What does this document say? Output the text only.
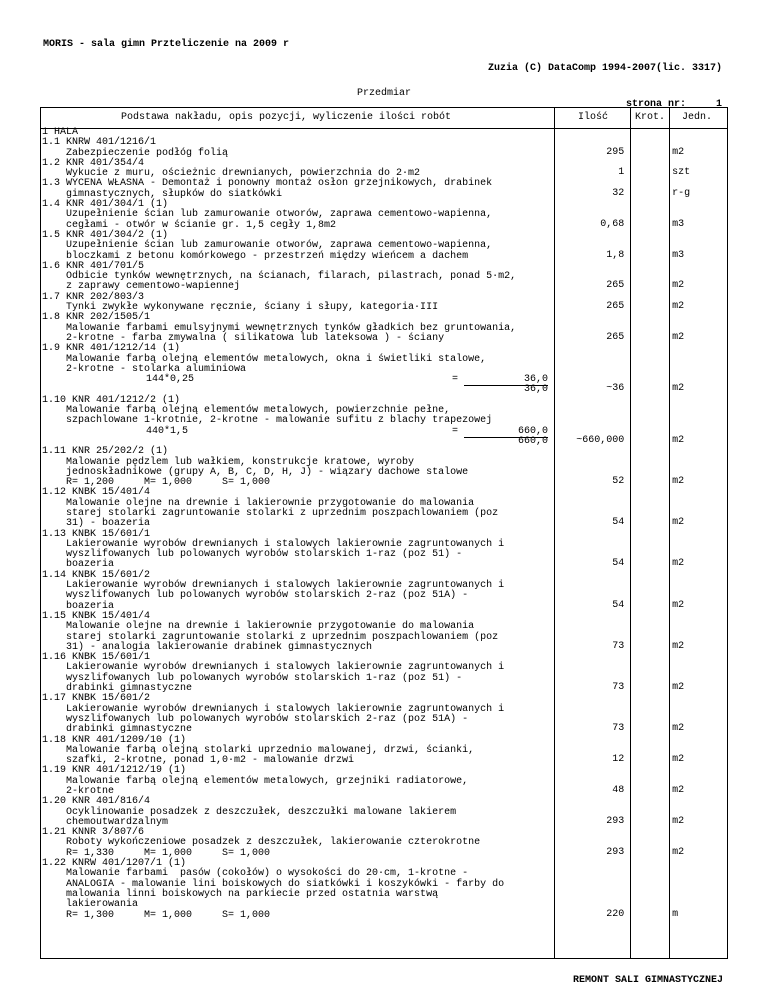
MORIS - sala gimn Przteliczenie na 2009 r

Zuzia (C) DataComp 1994-2007(lic. 3317)

strona nr:     1

Przedmiar
Podstawa nakładu, opis pozycji, wyliczenie ilości robót	Ilość	Krot. Jedn.
1 HALA
1.1 KNRW 401/1216/1
Zabezpieczenie podłóg folią	295	m2
1.2 KNR 401/354/4
Wykucie z muru, ościeżnic drewnianych, powierzchnia do 2·m2	1	szt
1.3 WYCENA WŁASNA - Demontaż i ponowny montaż osłon grzejnikowych, drabinek
gimnastycznych, słupków do siatkówki	32	r-g
1.4 KNR 401/304/1 (1)
Uzupełnienie ścian lub zamurowanie otworów, zaprawa cementowo-wapienna,
cegłami - otwór w ścianie gr. 1,5 cegły 1,8m2	0,68	m3
1.5 KNR 401/304/2 (1)
Uzupełnienie ścian lub zamurowanie otworów, zaprawa cementowo-wapienna,
bloczkami z betonu komórkowego - przestrzeń między wieńcem a dachem	1,8	m3
1.6 KNR 401/701/5
Odbicie tynków wewnętrznych, na ścianach, filarach, pilastrach, ponad 5·m2,
z zaprawy cementowo-wapiennej	265	m2
1.7 KNR 202/803/3
Tynki zwykłe wykonywane ręcznie, ściany i słupy, kategoria·III	265	m2
1.8 KNR 202/1505/1
Malowanie farbami emulsyjnymi wewnętrznych tynków gładkich bez gruntowania,
2-krotne - farba zmywalna ( silikatowa lub lateksowa ) - ściany	265	m2
1.9 KNR 401/1212/14 (1)
Malowanie farbą olejną elementów metalowych, okna i świetliki stalowe,
2-krotne - stolarka aluminiowa
144*0,25	=	36,0
36,0	~36	m2
1.10 KNR 401/1212/2 (1)
Malowanie farbą olejną elementów metalowych, powierzchnie pełne,
szpachlowane 1-krotnie, 2-krotne - malowanie sufitu z blachy trapezowej
440*1,5	=	660,0
660,0	~660,000	m2
1.11 KNR 25/202/2 (1)
Malowanie pędzlem lub wałkiem, konstrukcje kratowe, wyroby
jednoskładnikowe (grupy A, B, C, D, H, J) - wiązary dachowe stalowe
R= 1,200     M= 1,000     S= 1,000	52	m2
1.12 KNBK 15/401/4
Malowanie olejne na drewnie i lakierownie przygotowanie do malowania
starej stolarki zagruntowanie stolarki z uprzednim poszpachlowaniem (poz
31) - boazeria	54	m2
1.13 KNBK 15/601/1
Lakierowanie wyrobów drewnianych i stalowych lakierownie zagruntowanych i
wyszlifowanych lub polowanych wyrobów stolarskich 1-raz (poz 51) -
boazeria	54	m2
1.14 KNBK 15/601/2
Lakierowanie wyrobów drewnianych i stalowych lakierownie zagruntowanych i
wyszlifowanych lub polowanych wyrobów stolarskich 2-raz (poz 51A) -
boazeria	54	m2
1.15 KNBK 15/401/4
Malowanie olejne na drewnie i lakierownie przygotowanie do malowania
starej stolarki zagruntowanie stolarki z uprzednim poszpachlowaniem (poz
31) - analogia lakierowanie drabinek gimnastycznych	73	m2
1.16 KNBK 15/601/1
Lakierowanie wyrobów drewnianych i stalowych lakierownie zagruntowanych i
wyszlifowanych lub polowanych wyrobów stolarskich 1-raz (poz 51) -
drabinki gimnastyczne	73	m2
1.17 KNBK 15/601/2
Lakierowanie wyrobów drewnianych i stalowych lakierownie zagruntowanych i
wyszlifowanych lub polowanych wyrobów stolarskich 2-raz (poz 51A) -
drabinki gimnastyczne	73	m2
1.18 KNR 401/1209/10 (1)
Malowanie farbą olejną stolarki uprzednio malowanej, drzwi, ścianki,
szafki, 2-krotne, ponad 1,0·m2 - malowanie drzwi	12	m2
1.19 KNR 401/1212/19 (1)
Malowanie farbą olejną elementów metalowych, grzejniki radiatorowe,
2-krotne	48	m2
1.20 KNR 401/816/4
Ocyklinowanie posadzek z deszczułek, deszczułki malowane lakierem
chemoutwardzalnym	293	m2
1.21 KNNR 3/807/6
Roboty wykończeniowe posadzek z deszczułek, lakierowanie czterokrotne
R= 1,330     M= 1,000     S= 1,000	293	m2
1.22 KNRW 401/1207/1 (1)
Malowanie farbami  pasów (cokołów) o wysokości do 20·cm, 1-krotne -
ANALOGIA - malowanie lini boiskowych do siatkówki i koszykówki - farby do
malowania linni boiskowych na parkiecie przed ostatnia warstwą
lakierowania
R= 1,300     M= 1,000     S= 1,000	220	m
REMONT SALI GIMNASTYCZNEJ
